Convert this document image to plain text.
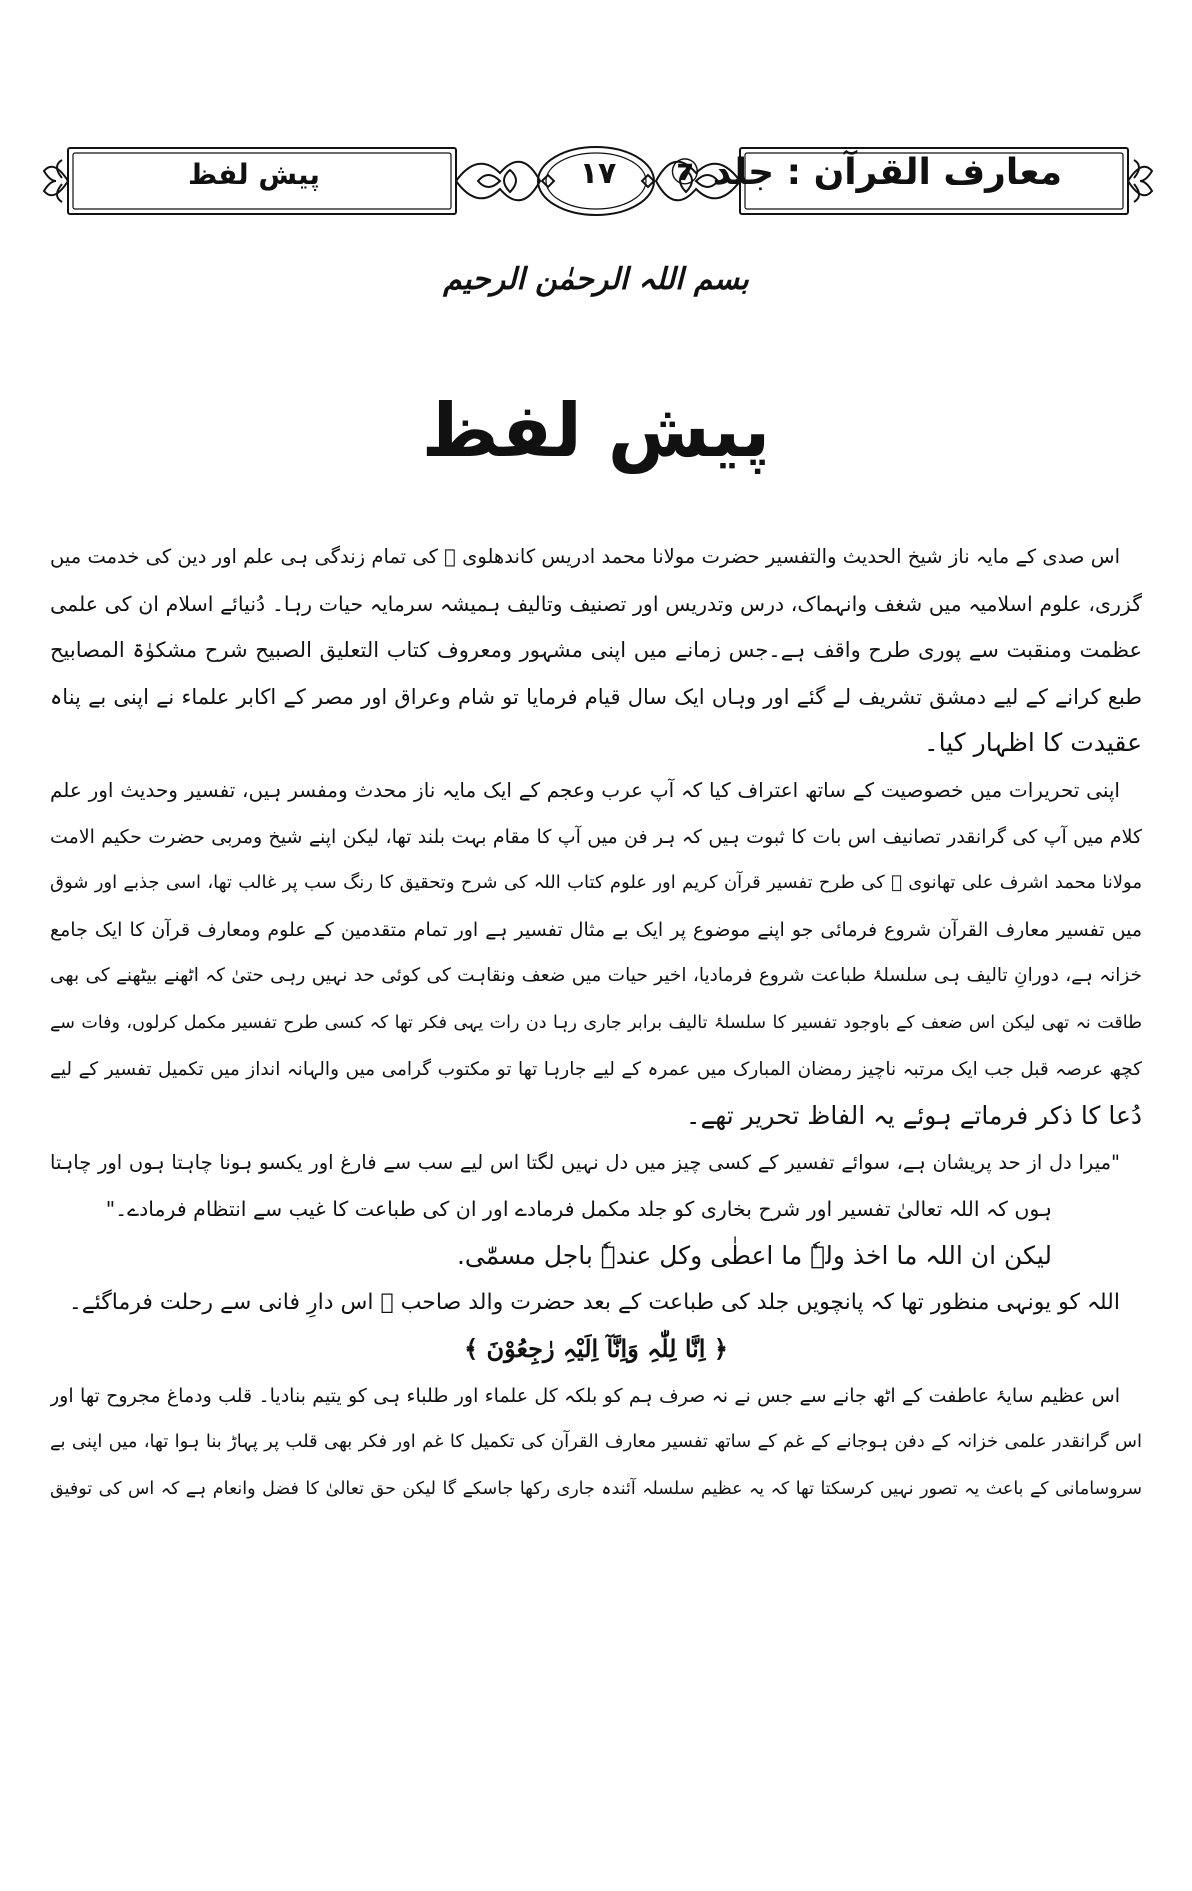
معارف القرآن : جلد ⑦
١٧
پیش لفظ
بسم اللہ الرحمٰن الرحیم
پیش لفظ
اس صدی کے مایہ ناز شیخ الحدیث والتفسیر حضرت مولانا محمد ادریس کاندھلوی ﷫ کی تمام زندگی ہی علم اور دین کی خدمت میں
گزری، علوم اسلامیہ میں شغف وانہماک، درس وتدریس اور تصنیف وتالیف ہمیشہ سرمایہ حیات رہا۔ دُنیائے اسلام ان کی علمی
عظمت ومنقبت سے پوری طرح واقف ہے۔جس زمانے میں اپنی مشہور ومعروف کتاب التعلیق الصبیح شرح مشکوٰۃ المصابیح
طبع کرانے کے لیے دمشق تشریف لے گئے اور وہاں ایک سال قیام فرمایا تو شام وعراق اور مصر کے اکابر علماء نے اپنی بے پناہ
عقیدت کا اظہار کیا۔
اپنی تحریرات میں خصوصیت کے ساتھ اعتراف کیا کہ آپ عرب وعجم کے ایک مایہ ناز محدث ومفسر ہیں، تفسیر وحدیث اور علم
کلام میں آپ کی گرانقدر تصانیف اس بات کا ثبوت ہیں کہ ہر فن میں آپ کا مقام بہت بلند تھا، لیکن اپنے شیخ ومربی حضرت حکیم الامت
مولانا محمد اشرف علی تھانوی ﷫ کی طرح تفسیر قرآن کریم اور علوم کتاب اللہ کی شرح وتحقیق کا رنگ سب پر غالب تھا، اسی جذبے اور شوق
میں تفسیر معارف القرآن شروع فرمائی جو اپنے موضوع پر ایک بے مثال تفسیر ہے اور تمام متقدمین کے علوم ومعارف قرآن کا ایک جامع
خزانہ ہے، دورانِ تالیف ہی سلسلۂ طباعت شروع فرمادیا، اخیر حیات میں ضعف ونقاہت کی کوئی حد نہیں رہی حتیٰ کہ اٹھنے بیٹھنے کی بھی
طاقت نہ تھی لیکن اس ضعف کے باوجود تفسیر کا سلسلۂ تالیف برابر جاری رہا دن رات یہی فکر تھا کہ کسی طرح تفسیر مکمل کرلوں، وفات سے
کچھ عرصہ قبل جب ایک مرتبہ ناچیز رمضان المبارک میں عمرہ کے لیے جارہا تھا تو مکتوب گرامی میں والہانہ انداز میں تکمیل تفسیر کے لیے
دُعا کا ذکر فرماتے ہوئے یہ الفاظ تحریر تھے۔
"میرا دل از حد پریشان ہے، سوائے تفسیر کے کسی چیز میں دل نہیں لگتا اس لیے سب سے فارغ اور یکسو ہونا چاہتا ہوں اور چاہتا
ہوں کہ اللہ تعالیٰ تفسیر اور شرح بخاری کو جلد مکمل فرمادے اور ان کی طباعت کا غیب سے انتظام فرمادے۔"
لیکن ان اللہ ما اخذ ولہٗ ما اعطٰی وکل عندہٗ باجل مسمّٰی.
اللہ کو یونہی منظور تھا کہ پانچویں جلد کی طباعت کے بعد حضرت والد صاحب ﷫ اس دارِ فانی سے رحلت فرماگئے۔
﴿ اِنَّا لِلّٰہِ وَاِنَّآ اِلَیْہِ رٰجِعُوْنَ ﴾
اس عظیم سایۂ عاطفت کے اٹھ جانے سے جس نے نہ صرف ہم کو بلکہ کل علماء اور طلباء ہی کو یتیم بنادیا۔ قلب ودماغ مجروح تھا اور
اس گرانقدر علمی خزانہ کے دفن ہوجانے کے غم کے ساتھ تفسیر معارف القرآن کی تکمیل کا غم اور فکر بھی قلب پر پہاڑ بنا ہوا تھا، میں اپنی بے
سروسامانی کے باعث یہ تصور نہیں کرسکتا تھا کہ یہ عظیم سلسلہ آئندہ جاری رکھا جاسکے گا لیکن حق تعالیٰ کا فضل وانعام ہے کہ اس کی توفیق
